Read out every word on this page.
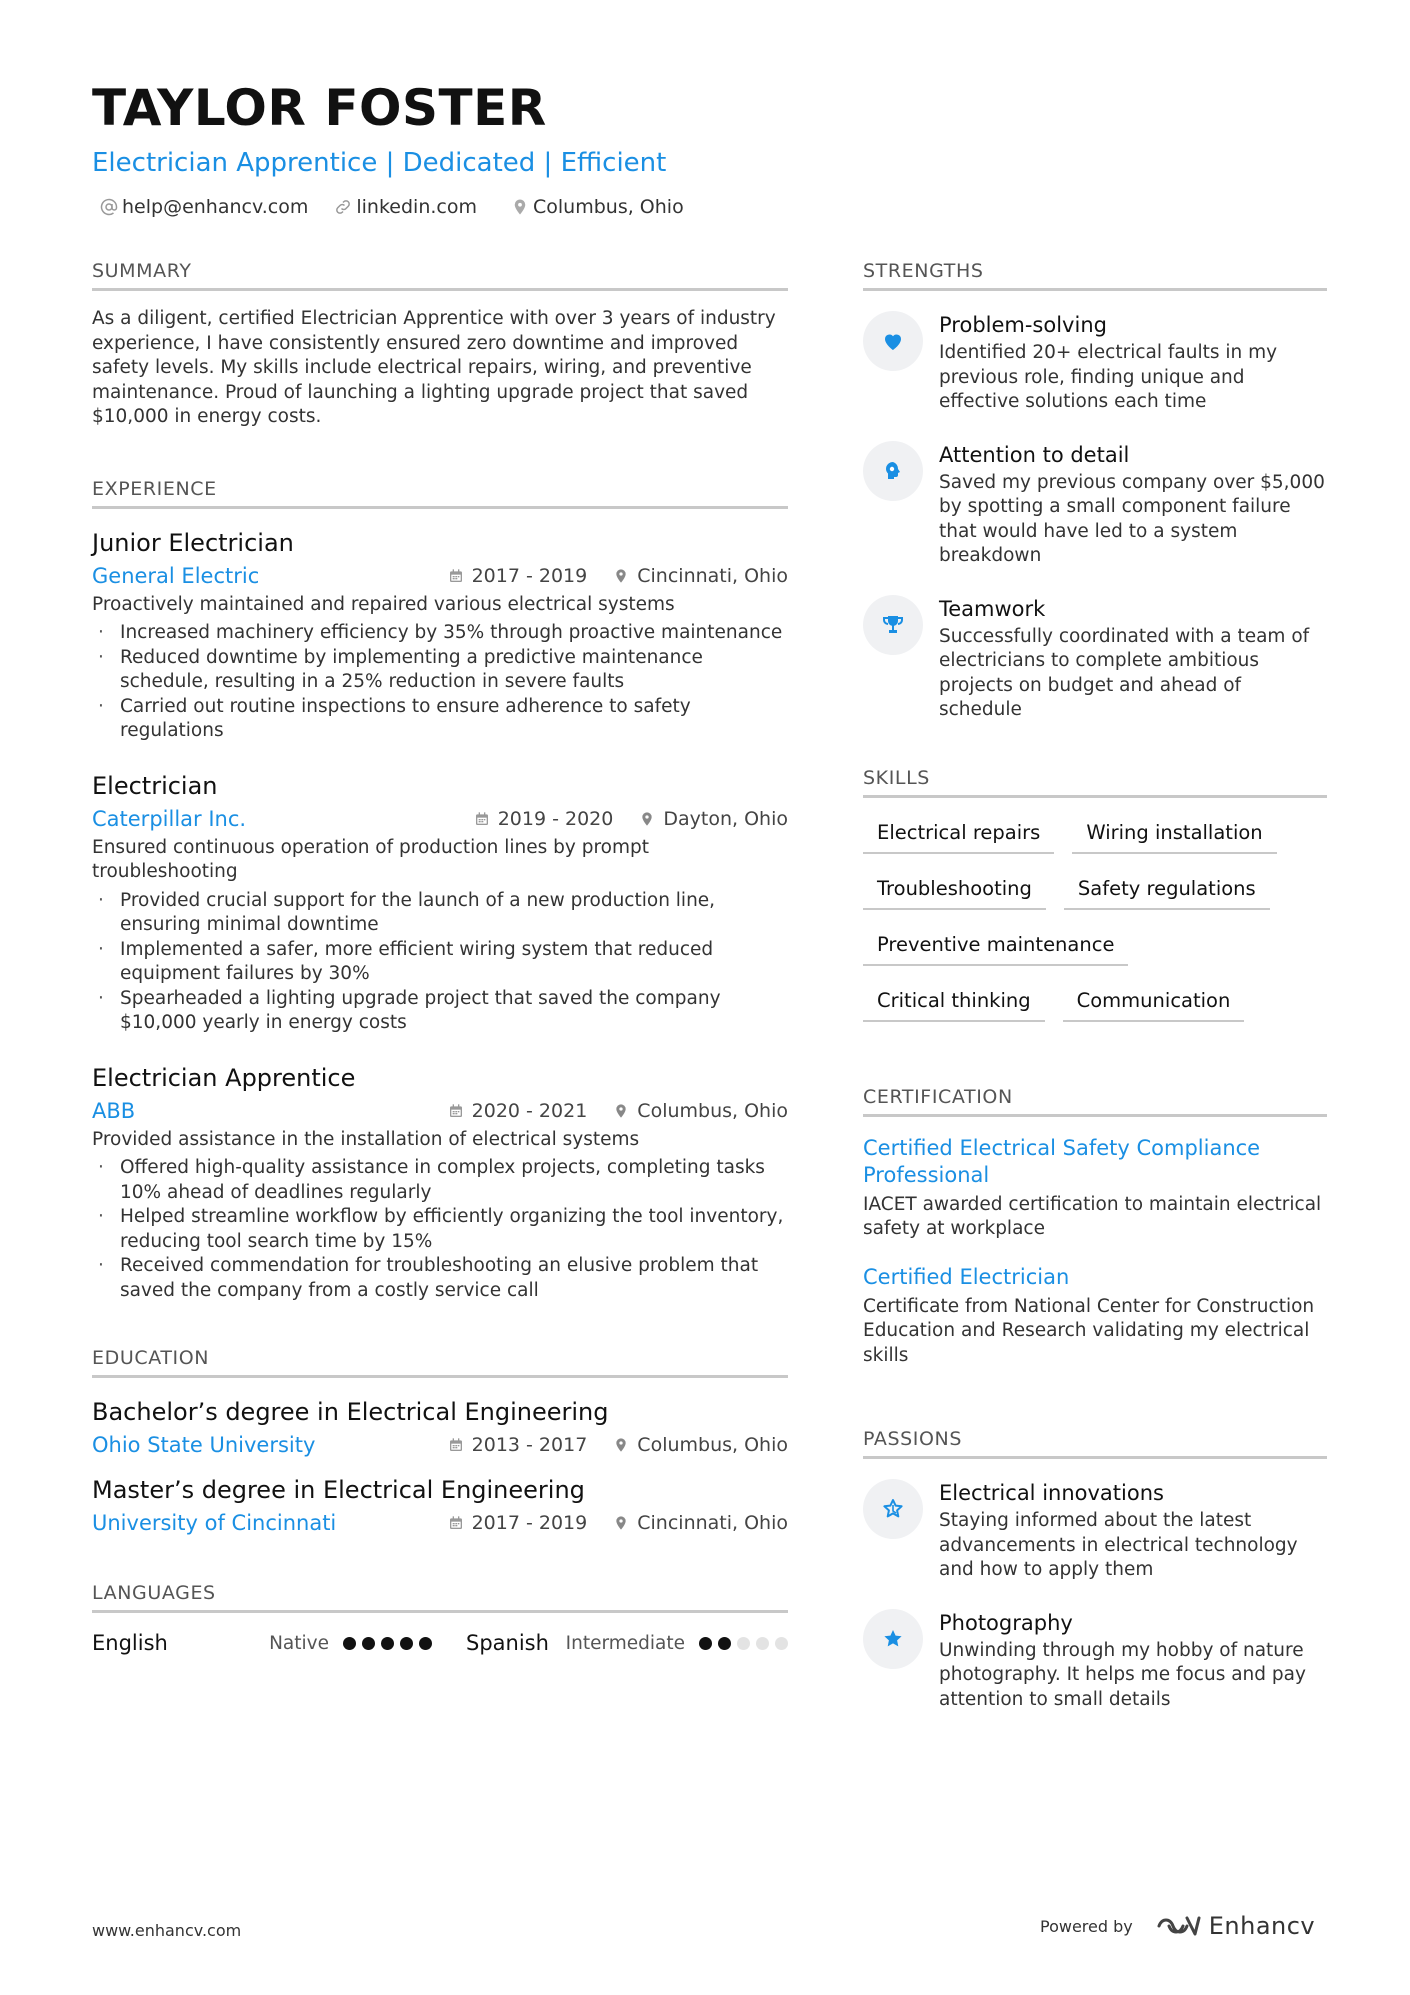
TAYLOR FOSTER
Electrician Apprentice | Dedicated | Efficient
help@enhancv.com	linkedin.com	Columbus, Ohio
SUMMARY
As a diligent, certified Electrician Apprentice with over 3 years of industry experience, I have consistently ensured zero downtime and improved safety levels. My skills include electrical repairs, wiring, and preventive maintenance. Proud of launching a lighting upgrade project that saved $10,000 in energy costs.
EXPERIENCE
Junior Electrician
General Electric	2017 - 2019	Cincinnati, Ohio
Proactively maintained and repaired various electrical systems
· Increased machinery efficiency by 35% through proactive maintenance
· Reduced downtime by implementing a predictive maintenance schedule, resulting in a 25% reduction in severe faults
· Carried out routine inspections to ensure adherence to safety regulations
Electrician
Caterpillar Inc.	2019 - 2020	Dayton, Ohio
Ensured continuous operation of production lines by prompt troubleshooting
· Provided crucial support for the launch of a new production line, ensuring minimal downtime
· Implemented a safer, more efficient wiring system that reduced equipment failures by 30%
· Spearheaded a lighting upgrade project that saved the company $10,000 yearly in energy costs
Electrician Apprentice
ABB	2020 - 2021	Columbus, Ohio
Provided assistance in the installation of electrical systems
· Offered high-quality assistance in complex projects, completing tasks 10% ahead of deadlines regularly
· Helped streamline workflow by efficiently organizing the tool inventory, reducing tool search time by 15%
· Received commendation for troubleshooting an elusive problem that saved the company from a costly service call
EDUCATION
Bachelor’s degree in Electrical Engineering
Ohio State University	2013 - 2017	Columbus, Ohio
Master’s degree in Electrical Engineering
University of Cincinnati	2017 - 2019	Cincinnati, Ohio
LANGUAGES
English	Native	Spanish Intermediate
STRENGTHS
Problem-solving
Identified 20+ electrical faults in my previous role, finding unique and effective solutions each time
Attention to detail
Saved my previous company over $5,000 by spotting a small component failure that would have led to a system breakdown
Teamwork
Successfully coordinated with a team of electricians to complete ambitious projects on budget and ahead of schedule
SKILLS
Electrical repairs	Wiring installation
Troubleshooting	Safety regulations
Preventive maintenance
Critical thinking	Communication
CERTIFICATION
Certified Electrical Safety Compliance Professional
IACET awarded certification to maintain electrical safety at workplace
Certified Electrician
Certificate from National Center for Construction Education and Research validating my electrical skills
PASSIONS
Electrical innovations
Staying informed about the latest advancements in electrical technology and how to apply them
Photography
Unwinding through my hobby of nature photography. It helps me focus and pay attention to small details
www.enhancv.com	Powered by	Enhancv
